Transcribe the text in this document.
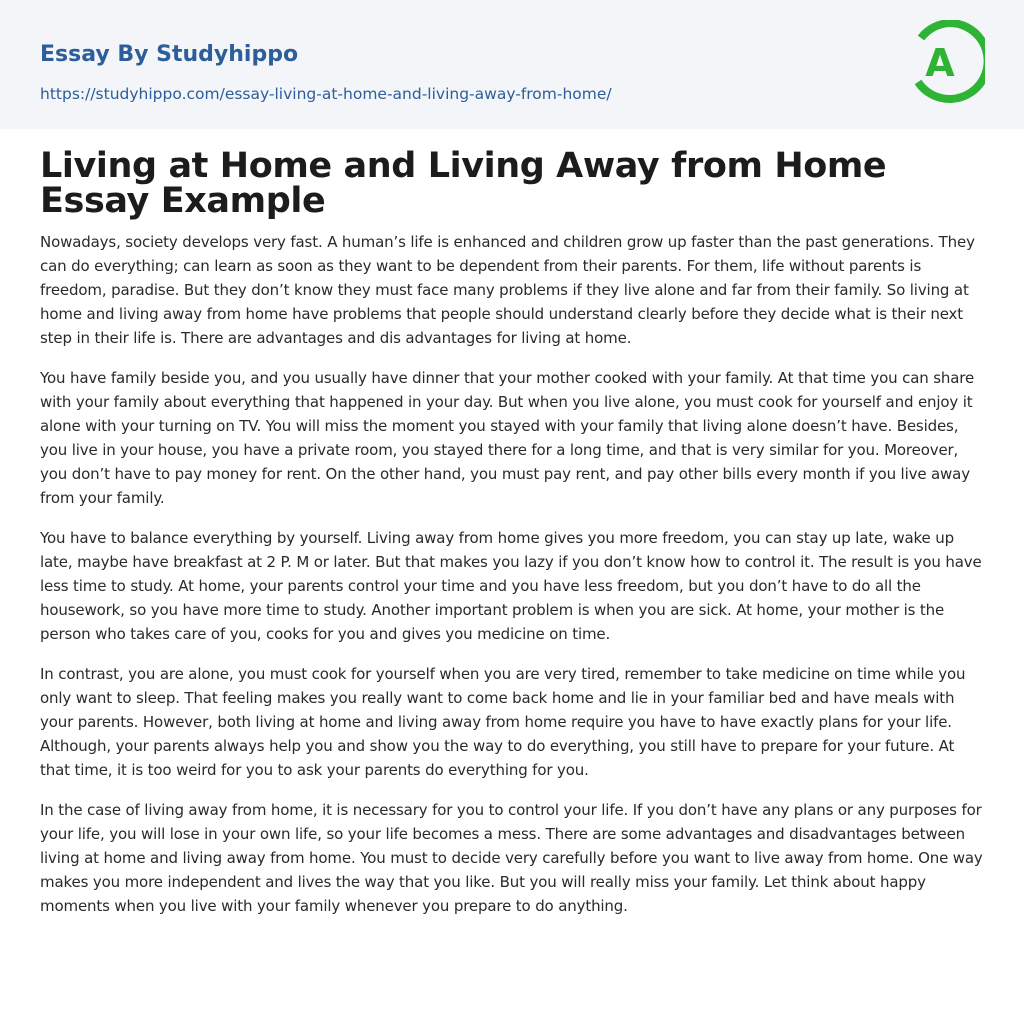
Essay By Studyhippo
https://studyhippo.com/essay-living-at-home-and-living-away-from-home/
A
Living at Home and Living Away from Home
Essay Example

Nowadays, society develops very fast. A human’s life is enhanced and children grow up faster than the past generations. They can do everything; can learn as soon as they want to be dependent from their parents. For them, life without parents is freedom, paradise. But they don’t know they must face many problems if they live alone and far from their family. So living at home and living away from home have problems that people should understand clearly before they decide what is their next step in their life is. There are advantages and dis advantages for living at home.

You have family beside you, and you usually have dinner that your mother cooked with your family. At that time you can share with your family about everything that happened in your day. But when you live alone, you must cook for yourself and enjoy it alone with your turning on TV. You will miss the moment you stayed with your family that living alone doesn’t have. Besides, you live in your house, you have a private room, you stayed there for a long time, and that is very similar for you. Moreover, you don’t have to pay money for rent. On the other hand, you must pay rent, and pay other bills every month if you live away from your family.

You have to balance everything by yourself. Living away from home gives you more freedom, you can stay up late, wake up late, maybe have breakfast at 2 P. M or later. But that makes you lazy if you don’t know how to control it. The result is you have less time to study. At home, your parents control your time and you have less freedom, but you don’t have to do all the housework, so you have more time to study. Another important problem is when you are sick. At home, your mother is the person who takes care of you, cooks for you and gives you medicine on time.

In contrast, you are alone, you must cook for yourself when you are very tired, remember to take medicine on time while you only want to sleep. That feeling makes you really want to come back home and lie in your familiar bed and have meals with your parents. However, both living at home and living away from home require you have to have exactly plans for your life. Although, your parents always help you and show you the way to do everything, you still have to prepare for your future. At that time, it is too weird for you to ask your parents do everything for you.

In the case of living away from home, it is necessary for you to control your life. If you don’t have any plans or any purposes for your life, you will lose in your own life, so your life becomes a mess. There are some advantages and disadvantages between living at home and living away from home. You must to decide very carefully before you want to live away from home. One way makes you more independent and lives the way that you like. But you will really miss your family. Let think about happy moments when you live with your family whenever you prepare to do anything.
